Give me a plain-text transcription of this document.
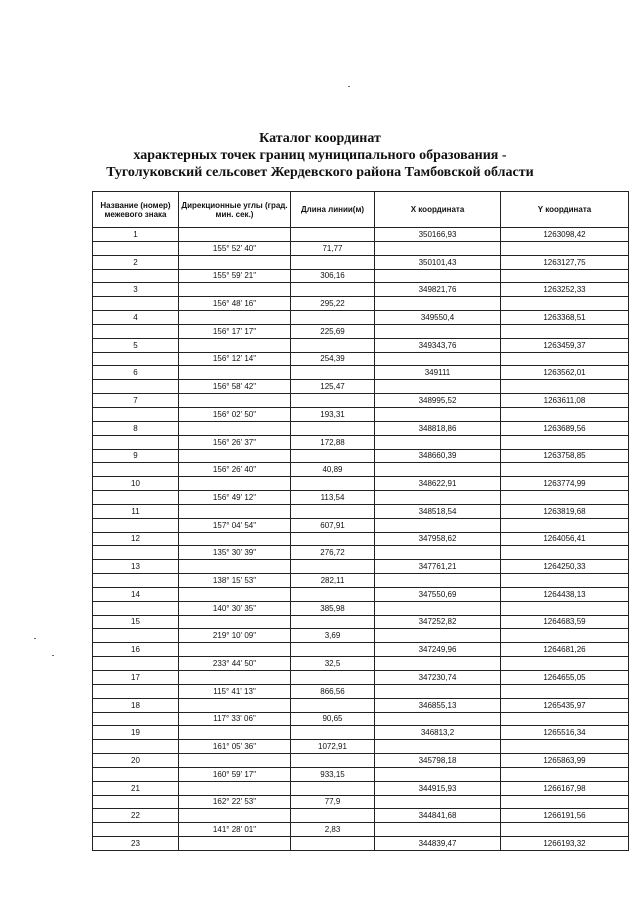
Каталог координат
характерных точек границ муниципального образования -
Туголуковский сельсовет Жердевского района Тамбовской области
Название (номер) межевого знака	Дирекционные углы (град. мин. сек.)	Длина линии(м)	X координата	Y координата
1			350166,93	1263098,42
	155° 52' 40"	71,77		
2			350101,43	1263127,75
	155° 59' 21"	306,16		
3			349821,76	1263252,33
	156° 48' 16"	295,22		
4			349550,4	1263368,51
	156° 17' 17"	225,69		
5			349343,76	1263459,37
	156° 12' 14"	254,39		
6			349111	1263562,01
	156° 58' 42"	125,47		
7			348995,52	1263611,08
	156° 02' 50"	193,31		
8			348818,86	1263689,56
	156° 26' 37"	172,88		
9			348660,39	1263758,85
	156° 26' 40"	40,89		
10			348622,91	1263774,99
	156° 49' 12"	113,54		
11			348518,54	1263819,68
	157° 04' 54"	607,91		
12			347958,62	1264056,41
	135° 30' 39"	276,72		
13			347761,21	1264250,33
	138° 15' 53"	282,11		
14			347550,69	1264438,13
	140° 30' 35"	385,98		
15			347252,82	1264683,59
	219° 10' 09"	3,69		
16			347249,96	1264681,26
	233° 44' 50"	32,5		
17			347230,74	1264655,05
	115° 41' 13"	866,56		
18			346855,13	1265435,97
	117° 33' 06"	90,65		
19			346813,2	1265516,34
	161° 05' 36"	1072,91		
20			345798,18	1265863,99
	160° 59' 17"	933,15		
21			344915,93	1266167,98
	162° 22' 53"	77,9		
22			344841,68	1266191,56
	141° 28' 01"	2,83		
23			344839,47	1266193,32
